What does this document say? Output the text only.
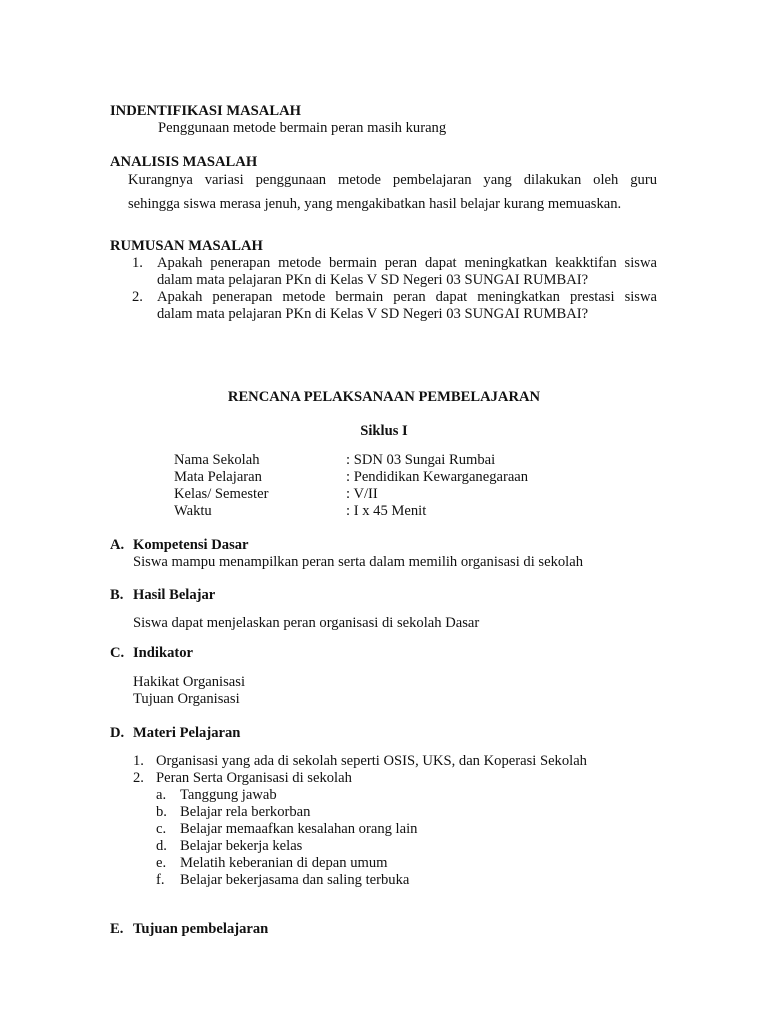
INDENTIFIKASI MASALAH
Penggunaan metode bermain peran masih kurang
ANALISIS MASALAH
Kurangnya variasi penggunaan metode pembelajaran yang dilakukan oleh guru
sehingga siswa merasa jenuh, yang mengakibatkan hasil belajar kurang memuaskan.
RUMUSAN MASALAH
1. Apakah penerapan metode bermain peran dapat meningkatkan keakktifan siswa
dalam mata pelajaran PKn di Kelas V SD Negeri 03 SUNGAI RUMBAI?
2. Apakah penerapan metode bermain peran dapat meningkatkan prestasi siswa
dalam mata pelajaran PKn di Kelas V SD Negeri 03 SUNGAI RUMBAI?
RENCANA PELAKSANAAN PEMBELAJARAN
Siklus I
Nama Sekolah	: SDN 03 Sungai Rumbai
Mata Pelajaran	: Pendidikan Kewarganegaraan
Kelas/ Semester	: V/II
Waktu	: I x 45 Menit
A. Kompetensi Dasar
Siswa mampu menampilkan peran serta dalam memilih organisasi di sekolah
B. Hasil Belajar
Siswa dapat menjelaskan peran organisasi di sekolah Dasar
C. Indikator
Hakikat Organisasi
Tujuan Organisasi
D. Materi Pelajaran
1. Organisasi yang ada di sekolah seperti OSIS, UKS, dan Koperasi Sekolah
2. Peran Serta Organisasi di sekolah
a. Tanggung jawab
b. Belajar rela berkorban
c. Belajar memaafkan kesalahan orang lain
d. Belajar bekerja kelas
e. Melatih keberanian di depan umum
f. Belajar bekerjasama dan saling terbuka
E. Tujuan pembelajaran
